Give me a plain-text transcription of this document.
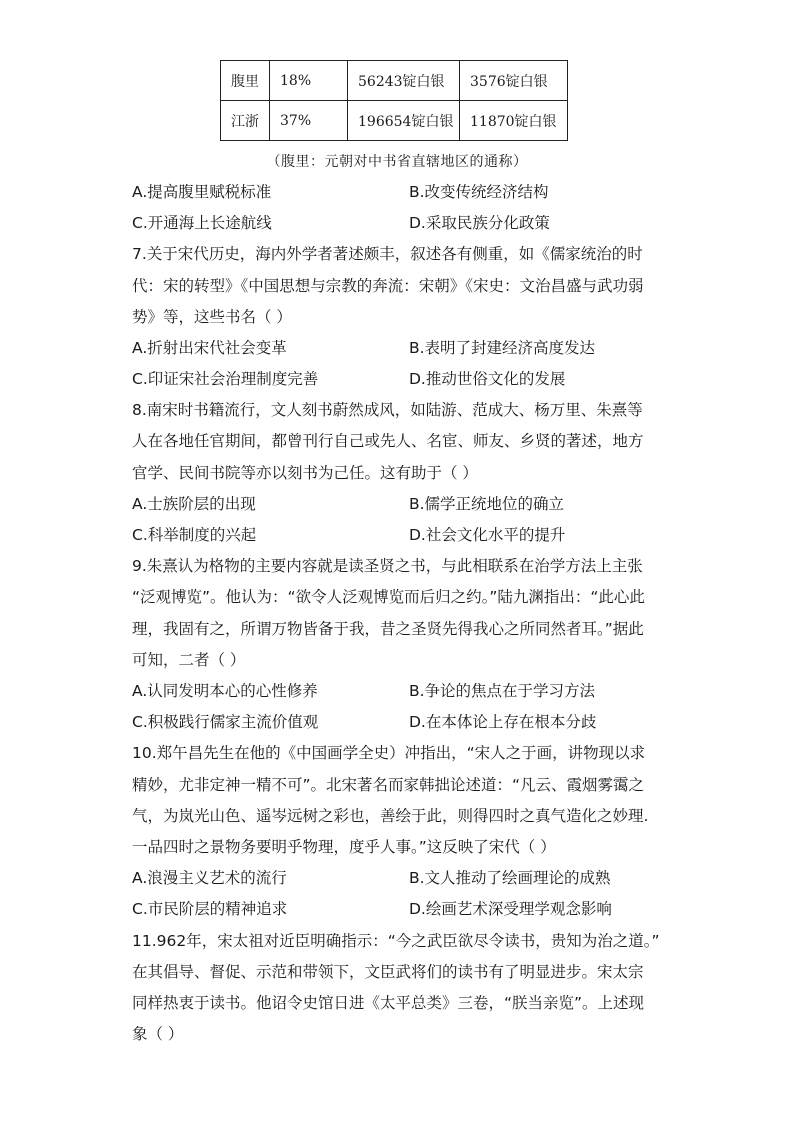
腹里	18%	56243锭白银	3576锭白银
江浙	37%	196654锭白银	11870锭白银
（腹里：元朝对中书省直辖地区的通称）
A.提高腹里赋税标准	B.改变传统经济结构
C.开通海上长途航线	D.采取民族分化政策
7.关于宋代历史，海内外学者著述颇丰，叙述各有侧重，如《儒家统治的时
代：宋的转型》《中国思想与宗教的奔流：宋朝》《宋史：文治昌盛与武功弱
势》等，这些书名（ ）
A.折射出宋代社会变革	B.表明了封建经济高度发达
C.印证宋社会治理制度完善	D.推动世俗文化的发展
8.南宋时书籍流行，文人刻书蔚然成风，如陆游、范成大、杨万里、朱熹等
人在各地任官期间，都曾刊行自己或先人、名宦、师友、乡贤的著述，地方
官学、民间书院等亦以刻书为己任。这有助于（ ）
A.士族阶层的出现	B.儒学正统地位的确立
C.科举制度的兴起	D.社会文化水平的提升
9.朱熹认为格物的主要内容就是读圣贤之书，与此相联系在治学方法上主张
“泛观博览”。他认为：“欲令人泛观博览而后归之约。”陆九渊指出：“此心此
理，我固有之，所谓万物皆备于我，昔之圣贤先得我心之所同然者耳。”据此
可知，二者（ ）
A.认同发明本心的心性修养	B.争论的焦点在于学习方法
C.积极践行儒家主流价值观	D.在本体论上存在根本分歧
10.郑午昌先生在他的《中国画学全史）冲指出，“宋人之于画，讲物现以求
精妙，尤非定神一精不可”。北宋著名而家韩拙论述道：“凡云、霞烟雾霭之
气，为岚光山色、遥岑远树之彩也，善绘于此，则得四时之真气造化之妙理.
一品四时之景物务要明乎物理，度乎人事。”这反映了宋代（ ）
A.浪漫主义艺术的流行	B.文人推动了绘画理论的成熟
C.市民阶层的精神追求	D.绘画艺术深受理学观念影响
11.962年，宋太祖对近臣明确指示：“今之武臣欲尽令读书，贵知为治之道。”
在其倡导、督促、示范和带领下，文臣武将们的读书有了明显进步。宋太宗
同样热衷于读书。他诏令史馆日进《太平总类》三卷，“朕当亲览”。上述现
象（ ）
